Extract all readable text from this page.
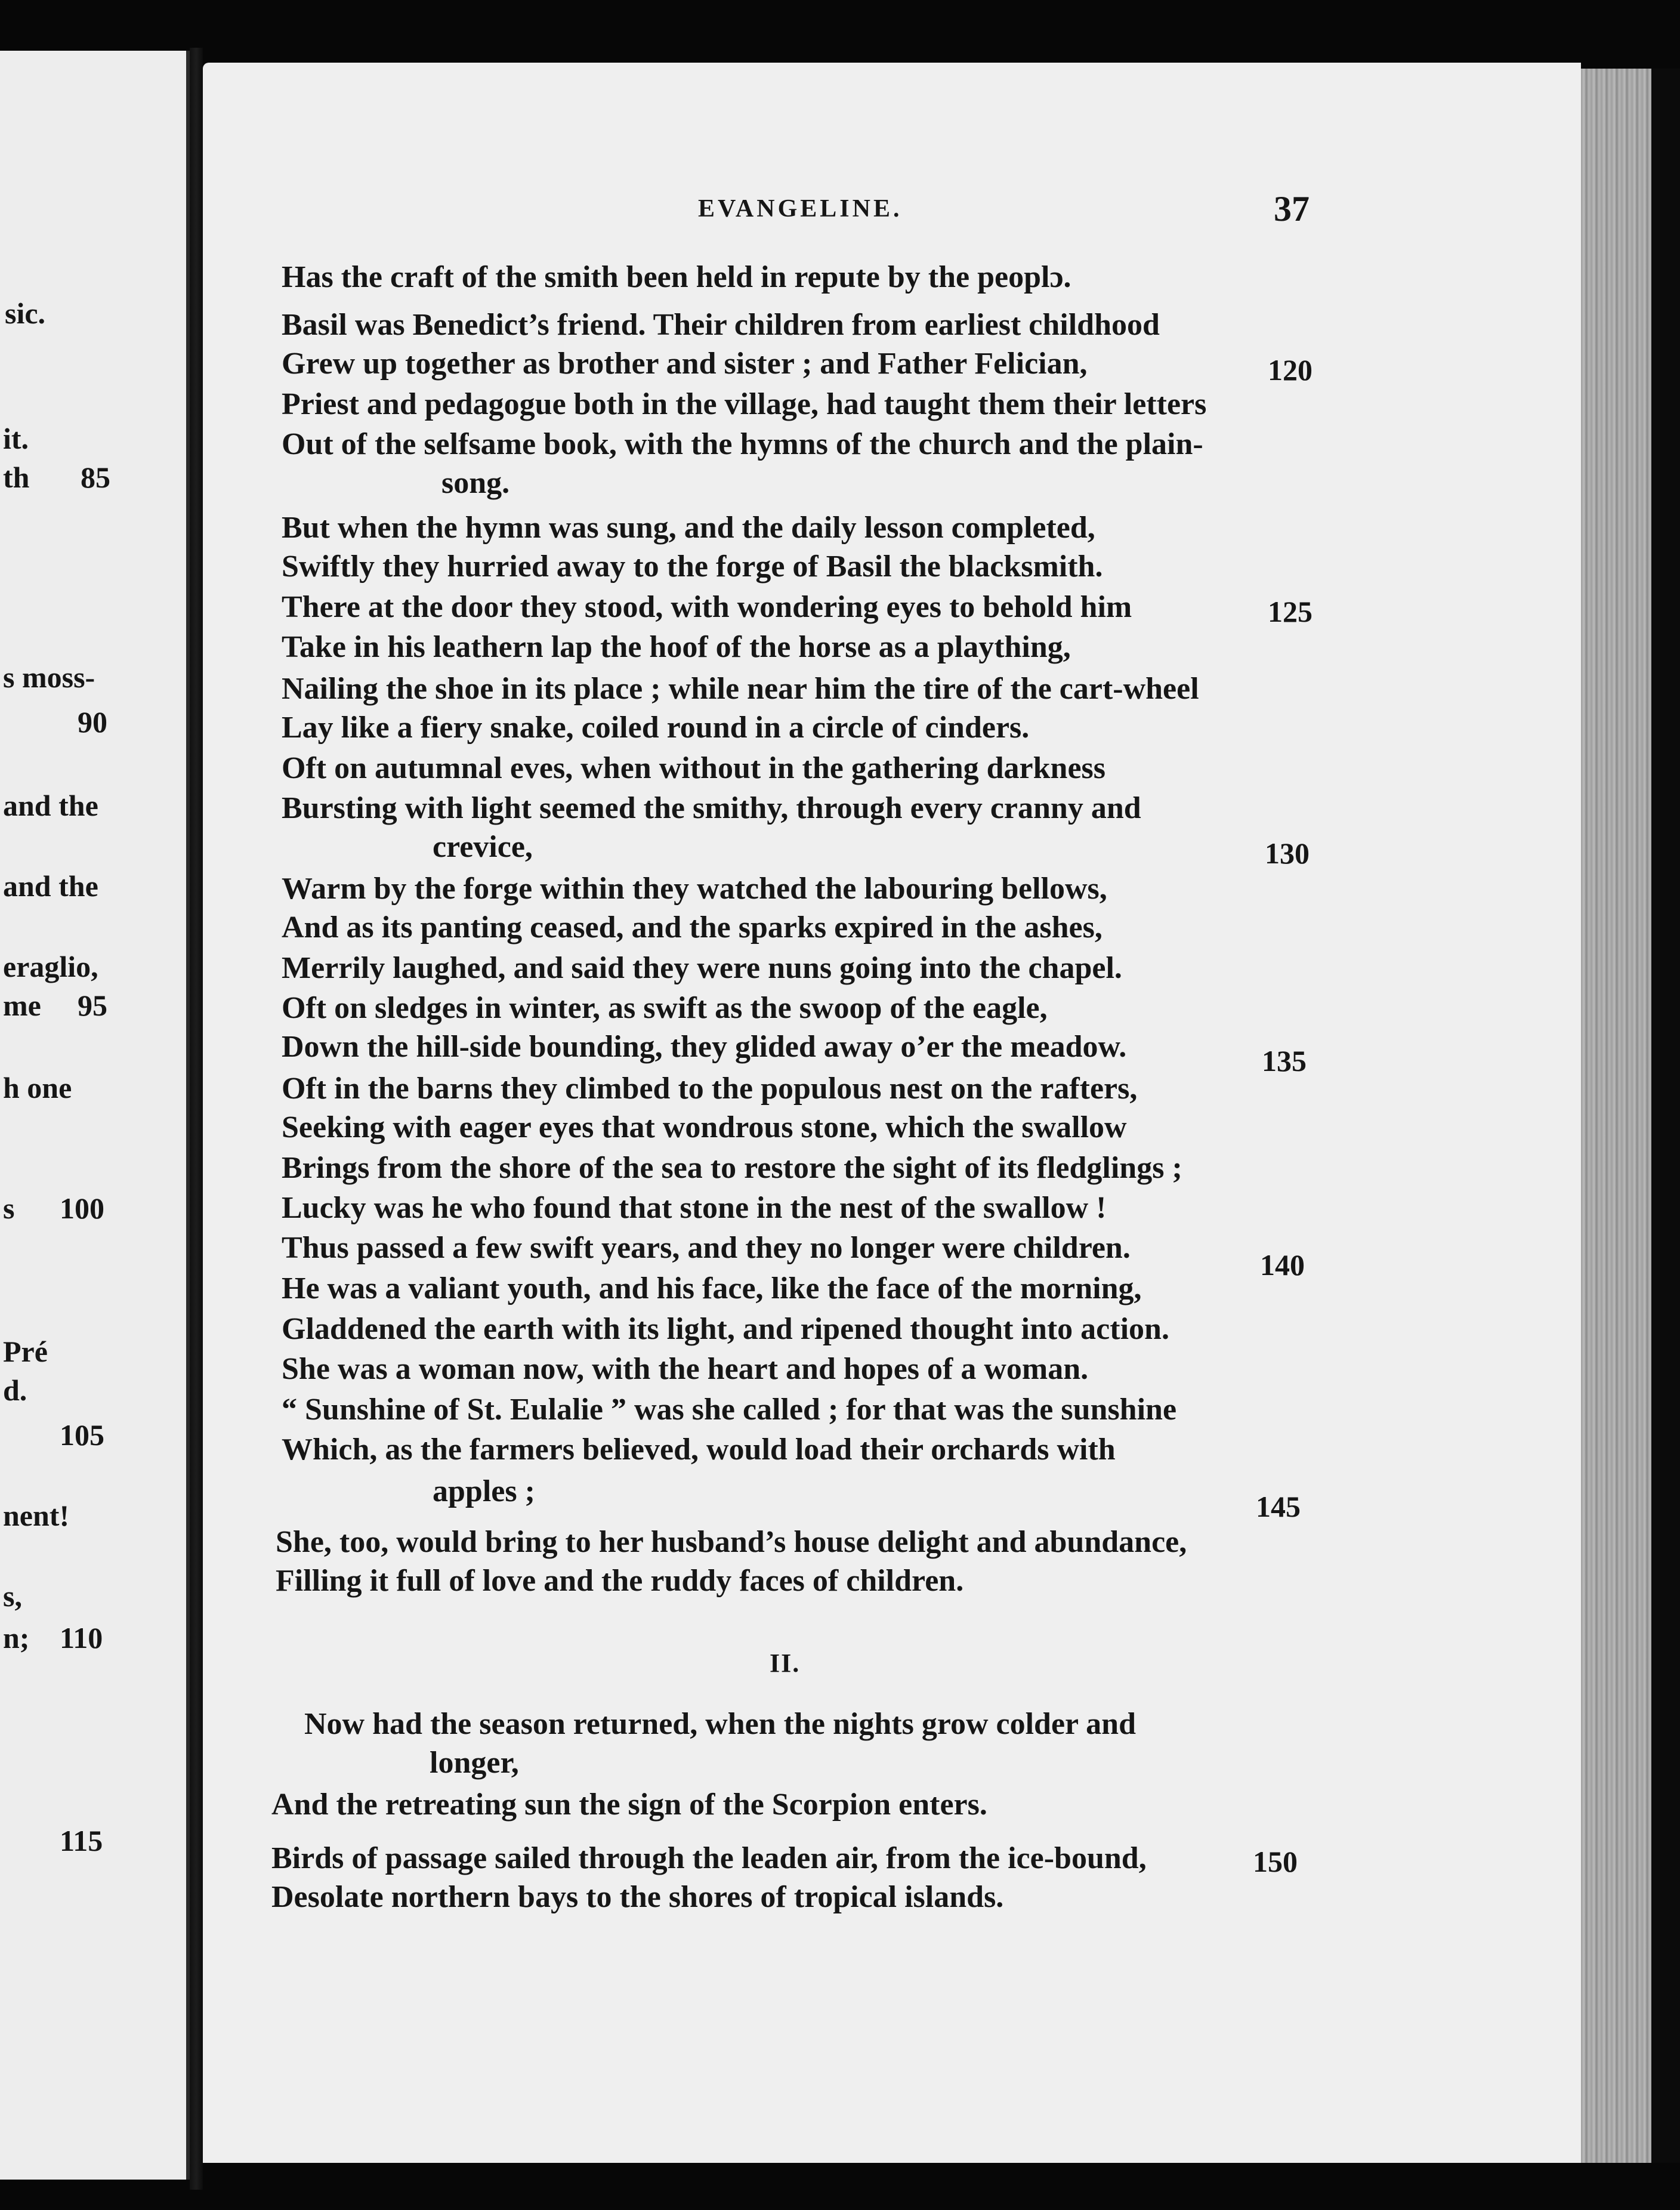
sic.
it.
th 85
s moss-
90
and the
and the
eraglio,
me 95
h one
s 100
Pré
d.
105
nent!
s,
n; 110
115
EVANGELINE.	37
Has the craft of the smith been held in repute by the peoplɔ.
Basil was Benedict’s friend. Their children from earliest childhood
Grew up together as brother and sister ; and Father Felician,	120
Priest and pedagogue both in the village, had taught them their letters
Out of the selfsame book, with the hymns of the church and the plain-
song.
But when the hymn was sung, and the daily lesson completed,
Swiftly they hurried away to the forge of Basil the blacksmith.
There at the door they stood, with wondering eyes to behold him	125
Take in his leathern lap the hoof of the horse as a plaything,
Nailing the shoe in its place ; while near him the tire of the cart-wheel
Lay like a fiery snake, coiled round in a circle of cinders.
Oft on autumnal eves, when without in the gathering darkness
Bursting with light seemed the smithy, through every cranny and
crevice,	130
Warm by the forge within they watched the labouring bellows,
And as its panting ceased, and the sparks expired in the ashes,
Merrily laughed, and said they were nuns going into the chapel.
Oft on sledges in winter, as swift as the swoop of the eagle,
Down the hill-side bounding, they glided away o’er the meadow.	135
Oft in the barns they climbed to the populous nest on the rafters,
Seeking with eager eyes that wondrous stone, which the swallow
Brings from the shore of the sea to restore the sight of its fledglings ;
Lucky was he who found that stone in the nest of the swallow !
Thus passed a few swift years, and they no longer were children.	140
He was a valiant youth, and his face, like the face of the morning,
Gladdened the earth with its light, and ripened thought into action.
She was a woman now, with the heart and hopes of a woman.
“ Sunshine of St. Eulalie ” was she called ; for that was the sunshine
Which, as the farmers believed, would load their orchards with
apples ;	145
She, too, would bring to her husband’s house delight and abundance,
Filling it full of love and the ruddy faces of children.
II.
Now had the season returned, when the nights grow colder and
longer,
And the retreating sun the sign of the Scorpion enters.
Birds of passage sailed through the leaden air, from the ice-bound,	150
Desolate northern bays to the shores of tropical islands.
